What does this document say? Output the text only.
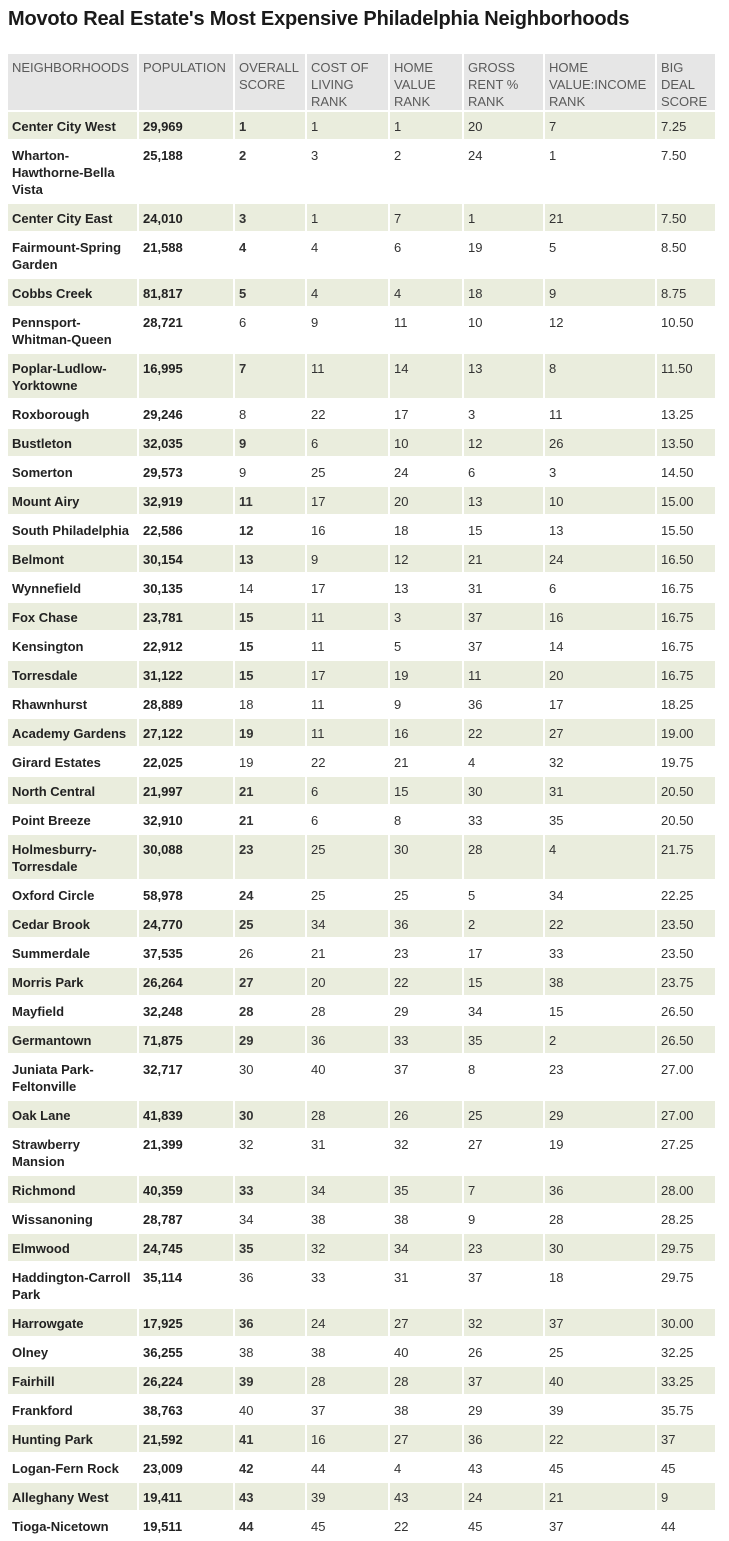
Movoto Real Estate's Most Expensive Philadelphia Neighborhoods
NEIGHBORHOODS	POPULATION	OVERALL SCORE	COST OF LIVING RANK	HOME VALUE RANK	GROSS RENT % RANK	HOME VALUE:INCOME RANK	BIG DEAL SCORE
Center City West	29,969	1	1	1	20	7	7.25
Wharton-Hawthorne-Bella Vista	25,188	2	3	2	24	1	7.50
Center City East	24,010	3	1	7	1	21	7.50
Fairmount-Spring Garden	21,588	4	4	6	19	5	8.50
Cobbs Creek	81,817	5	4	4	18	9	8.75
Pennsport-Whitman-Queen	28,721	6	9	11	10	12	10.50
Poplar-Ludlow-Yorktowne	16,995	7	11	14	13	8	11.50
Roxborough	29,246	8	22	17	3	11	13.25
Bustleton	32,035	9	6	10	12	26	13.50
Somerton	29,573	9	25	24	6	3	14.50
Mount Airy	32,919	11	17	20	13	10	15.00
South Philadelphia	22,586	12	16	18	15	13	15.50
Belmont	30,154	13	9	12	21	24	16.50
Wynnefield	30,135	14	17	13	31	6	16.75
Fox Chase	23,781	15	11	3	37	16	16.75
Kensington	22,912	15	11	5	37	14	16.75
Torresdale	31,122	15	17	19	11	20	16.75
Rhawnhurst	28,889	18	11	9	36	17	18.25
Academy Gardens	27,122	19	11	16	22	27	19.00
Girard Estates	22,025	19	22	21	4	32	19.75
North Central	21,997	21	6	15	30	31	20.50
Point Breeze	32,910	21	6	8	33	35	20.50
Holmesburry-Torresdale	30,088	23	25	30	28	4	21.75
Oxford Circle	58,978	24	25	25	5	34	22.25
Cedar Brook	24,770	25	34	36	2	22	23.50
Summerdale	37,535	26	21	23	17	33	23.50
Morris Park	26,264	27	20	22	15	38	23.75
Mayfield	32,248	28	28	29	34	15	26.50
Germantown	71,875	29	36	33	35	2	26.50
Juniata Park-Feltonville	32,717	30	40	37	8	23	27.00
Oak Lane	41,839	30	28	26	25	29	27.00
Strawberry Mansion	21,399	32	31	32	27	19	27.25
Richmond	40,359	33	34	35	7	36	28.00
Wissanoning	28,787	34	38	38	9	28	28.25
Elmwood	24,745	35	32	34	23	30	29.75
Haddington-Carroll Park	35,114	36	33	31	37	18	29.75
Harrowgate	17,925	36	24	27	32	37	30.00
Olney	36,255	38	38	40	26	25	32.25
Fairhill	26,224	39	28	28	37	40	33.25
Frankford	38,763	40	37	38	29	39	35.75
Hunting Park	21,592	41	16	27	36	22	37
Logan-Fern Rock	23,009	42	44	4	43	45	45
Alleghany West	19,411	43	39	43	24	21	9
Tioga-Nicetown	19,511	44	45	22	45	37	44
